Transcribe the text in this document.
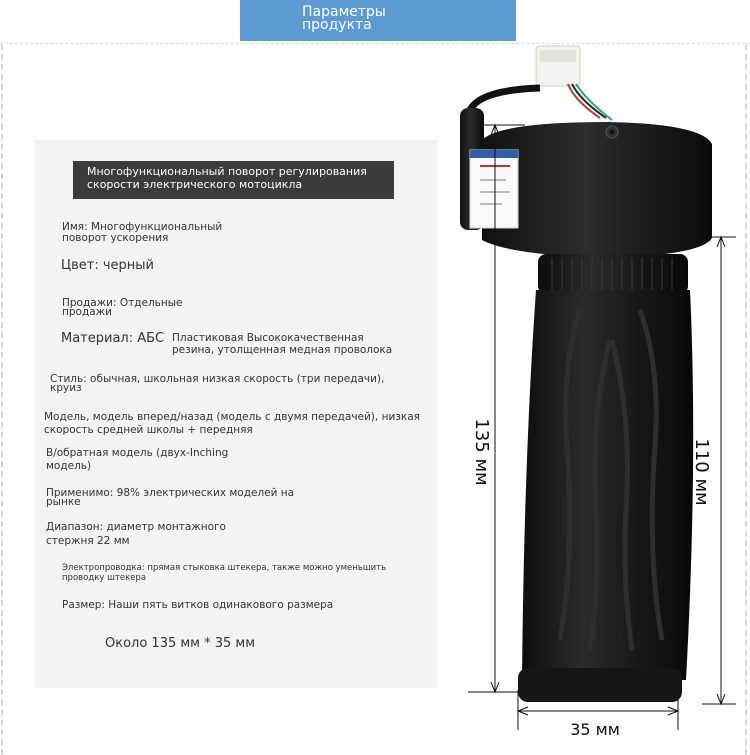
Параметры
продукта
Многофункциональный поворот регулирования
скорости электрического мотоцикла
Имя: Многофункциональный
поворот ускорения
Цвет: черный
Продажи: Отдельные
продажи
Материал: АБС Пластиковая Высококачественная
резина, утолщенная медная проволока
Стиль: обычная, школьная низкая скорость (три передачи),
круиз
Модель, модель вперед/назад (модель с двумя передачей), низкая
скорость средней школы + передняя
B/обратная модель (двух-Inching
модель)
Применимо: 98% электрических моделей на
рынке
Диапазон: диаметр монтажного
стержня 22 мм
Электропроводка: прямая стыковка штекера, также можно уменьшить
проводку штекера
Размер: Наши пять витков одинакового размера
Около 135 мм * 35 мм
135 мм	110 мм
35 мм
